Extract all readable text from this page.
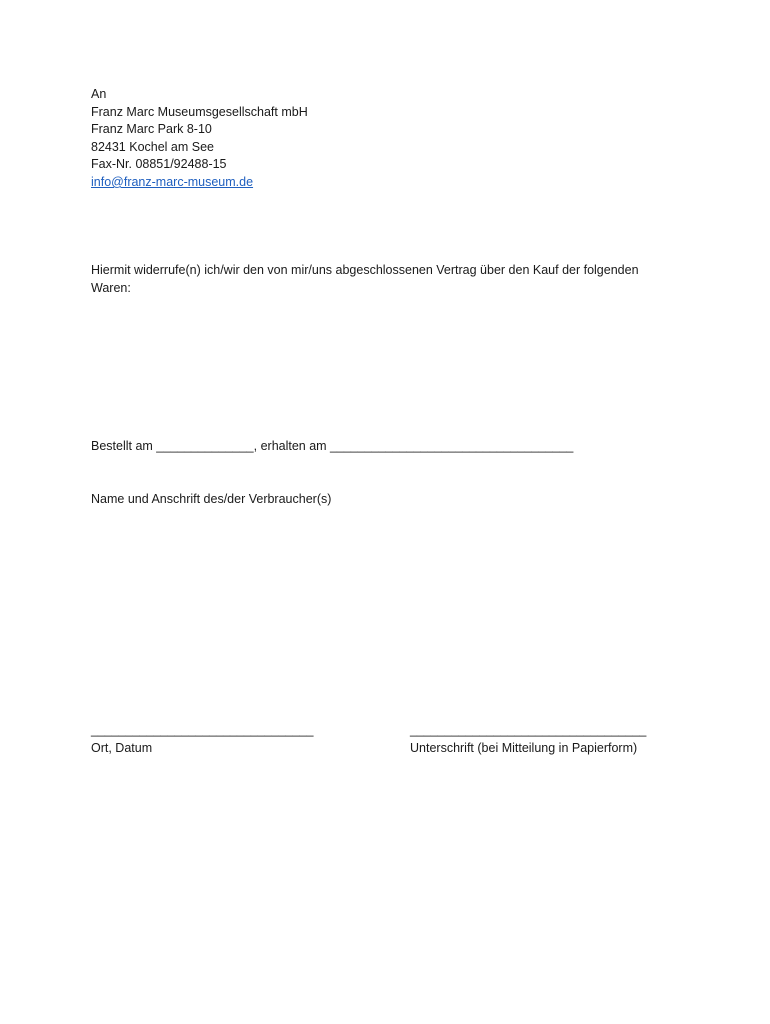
An
Franz Marc Museumsgesellschaft mbH
Franz Marc Park 8-10
82431 Kochel am See
Fax-Nr. 08851/92488-15
info@franz-marc-museum.de
Hiermit widerrufe(n) ich/wir den von mir/uns abgeschlossenen Vertrag über den Kauf der folgenden
Waren:
Bestellt am ______________, erhalten am ___________________________________
Name und Anschrift des/der Verbraucher(s)
________________________________
Ort, Datum
__________________________________
Unterschrift (bei Mitteilung in Papierform)
